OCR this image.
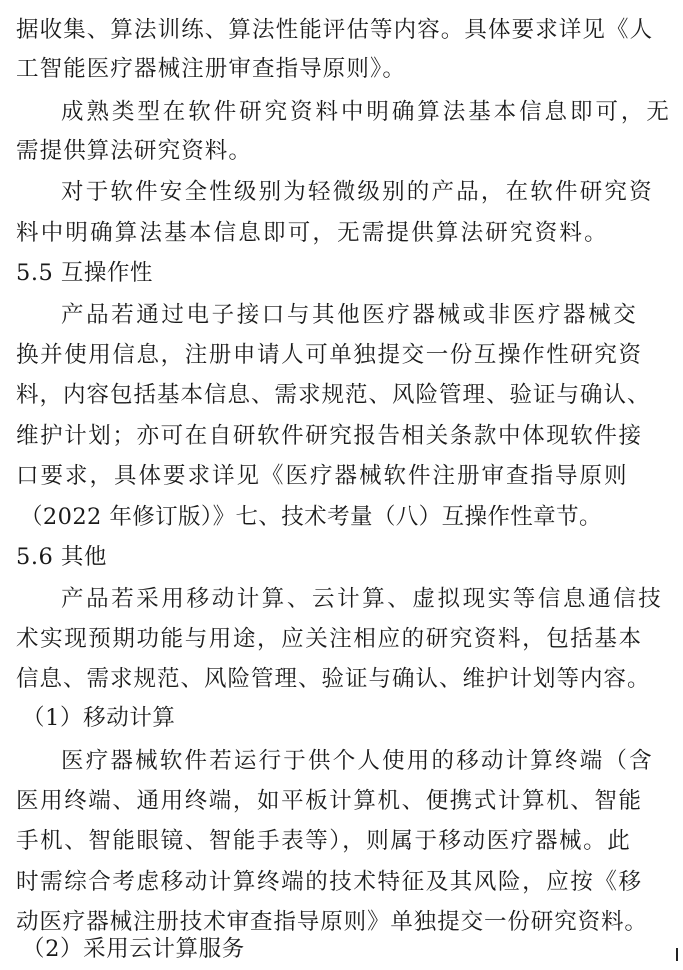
据收集、算法训练、算法性能评估等内容。具体要求详见《人
工智能医疗器械注册审查指导原则》。
成熟类型在软件研究资料中明确算法基本信息即可，无
需提供算法研究资料。
对于软件安全性级别为轻微级别的产品，在软件研究资
料中明确算法基本信息即可，无需提供算法研究资料。
5.5 互操作性
产品若通过电子接口与其他医疗器械或非医疗器械交
换并使用信息，注册申请人可单独提交一份互操作性研究资
料，内容包括基本信息、需求规范、风险管理、验证与确认、
维护计划；亦可在自研软件研究报告相关条款中体现软件接
口要求，具体要求详见《医疗器械软件注册审查指导原则
（2022 年修订版）》七、技术考量（八）互操作性章节。
5.6 其他
产品若采用移动计算、云计算、虚拟现实等信息通信技
术实现预期功能与用途，应关注相应的研究资料，包括基本
信息、需求规范、风险管理、验证与确认、维护计划等内容。
（1）移动计算
医疗器械软件若运行于供个人使用的移动计算终端（含
医用终端、通用终端，如平板计算机、便携式计算机、智能
手机、智能眼镜、智能手表等），则属于移动医疗器械。此
时需综合考虑移动计算终端的技术特征及其风险，应按《移
动医疗器械注册技术审查指导原则》单独提交一份研究资料。
（2）采用云计算服务
